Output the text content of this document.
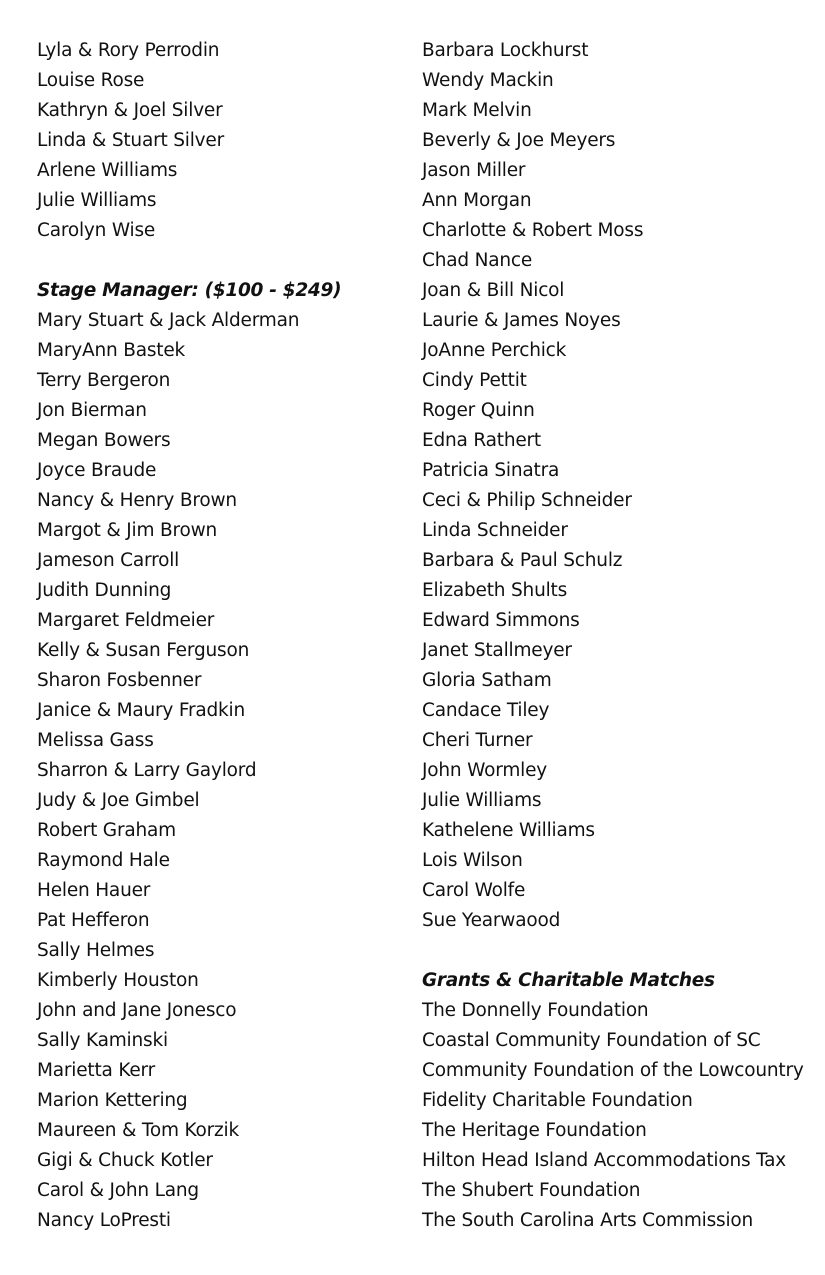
Lyla & Rory Perrodin
Louise Rose
Kathryn & Joel Silver
Linda & Stuart Silver
Arlene Williams
Julie Williams
Carolyn Wise
Stage Manager: ($100 - $249)
Mary Stuart & Jack Alderman
MaryAnn Bastek
Terry Bergeron
Jon Bierman
Megan Bowers
Joyce Braude
Nancy & Henry Brown
Margot & Jim Brown
Jameson Carroll
Judith Dunning
Margaret Feldmeier
Kelly & Susan Ferguson
Sharon Fosbenner
Janice & Maury Fradkin
Melissa Gass
Sharron & Larry Gaylord
Judy & Joe Gimbel
Robert Graham
Raymond Hale
Helen Hauer
Pat Hefferon
Sally Helmes
Kimberly Houston
John and Jane Jonesco
Sally Kaminski
Marietta Kerr
Marion Kettering
Maureen & Tom Korzik
Gigi & Chuck Kotler
Carol & John Lang
Nancy LoPresti
Barbara Lockhurst
Wendy Mackin
Mark Melvin
Beverly & Joe Meyers
Jason Miller
Ann Morgan
Charlotte & Robert Moss
Chad Nance
Joan & Bill Nicol
Laurie & James Noyes
JoAnne Perchick
Cindy Pettit
Roger Quinn
Edna Rathert
Patricia Sinatra
Ceci & Philip Schneider
Linda Schneider
Barbara & Paul Schulz
Elizabeth Shults
Edward Simmons
Janet Stallmeyer
Gloria Satham
Candace Tiley
Cheri Turner
John Wormley
Julie Williams
Kathelene Williams
Lois Wilson
Carol Wolfe
Sue Yearwaood
Grants & Charitable Matches
The Donnelly Foundation
Coastal Community Foundation of SC
Community Foundation of the Lowcountry
Fidelity Charitable Foundation
The Heritage Foundation
Hilton Head Island Accommodations Tax
The Shubert Foundation
The South Carolina Arts Commission
